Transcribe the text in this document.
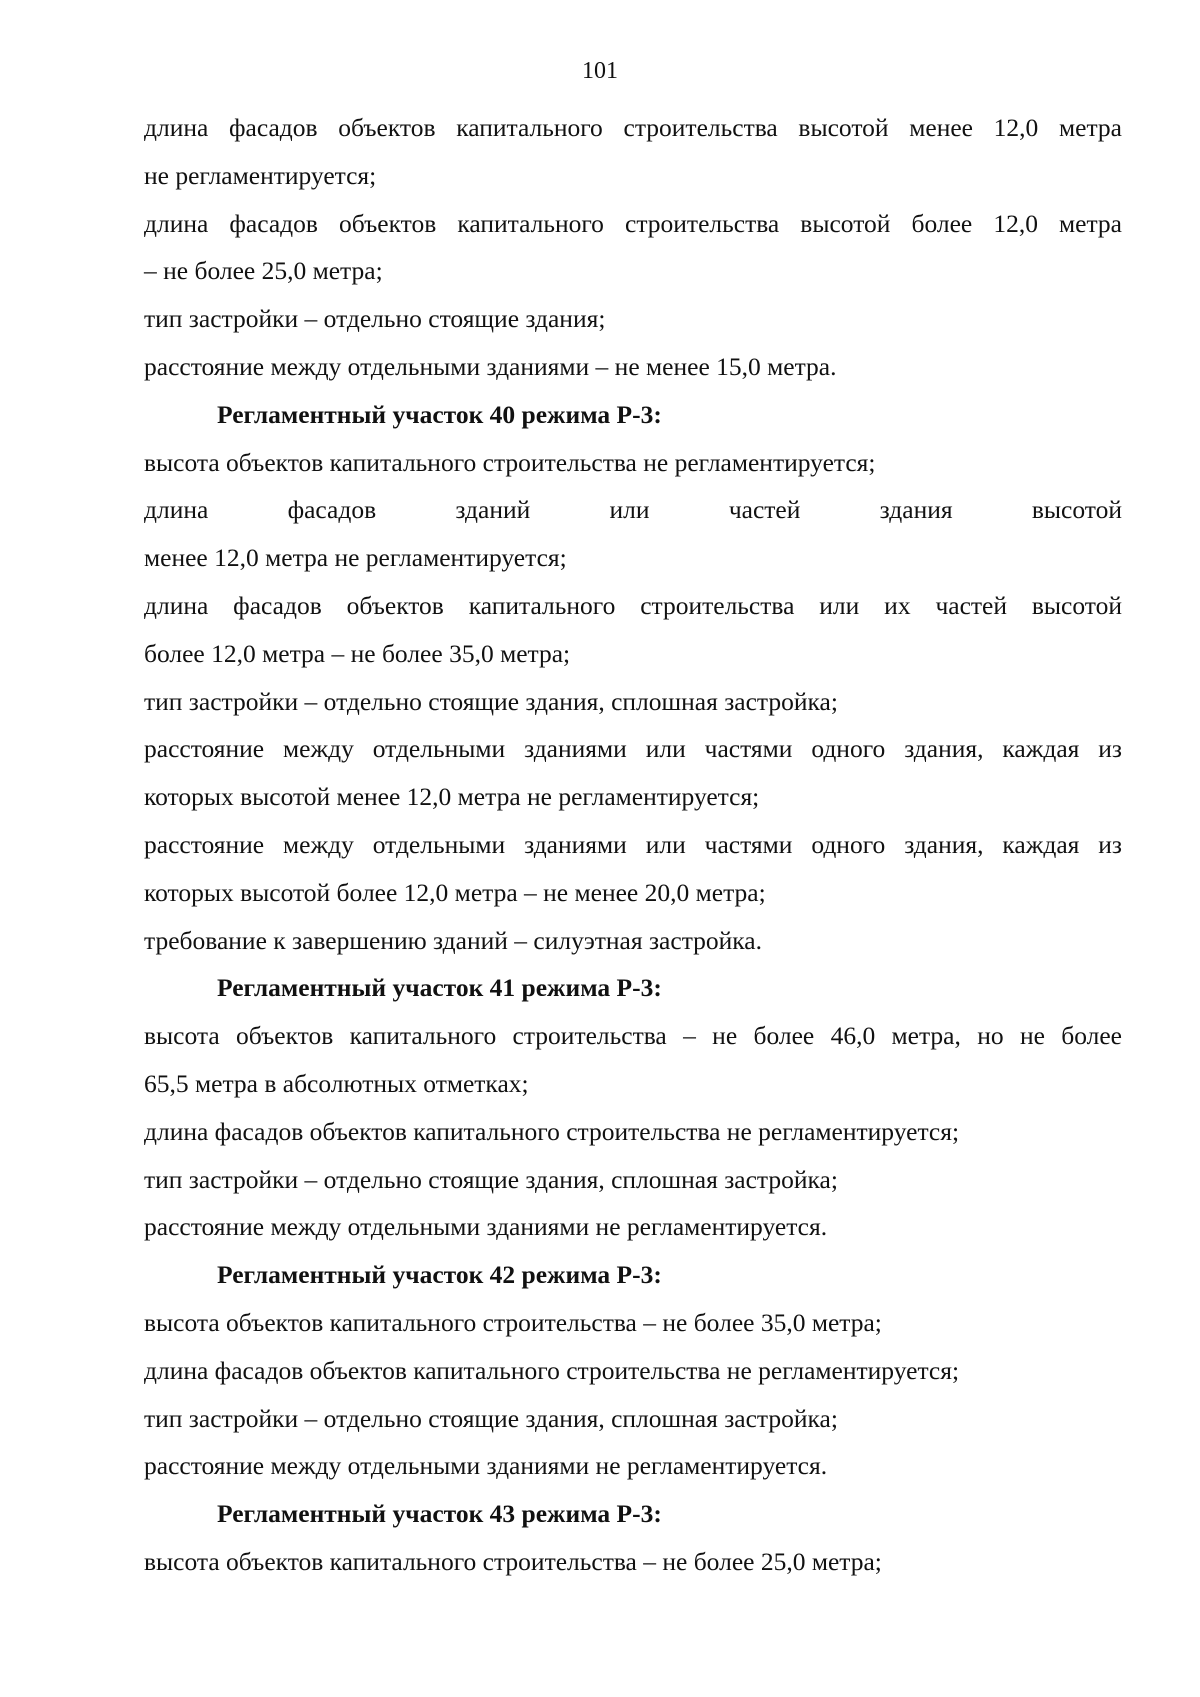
101
длина фасадов объектов капитального строительства высотой менее 12,0 метра
не регламентируется;
длина фасадов объектов капитального строительства высотой более 12,0 метра
– не более 25,0 метра;
тип застройки – отдельно стоящие здания;
расстояние между отдельными зданиями – не менее 15,0 метра.
Регламентный участок 40 режима Р-3:
высота объектов капитального строительства не регламентируется;
длина фасадов зданий или частей здания высотой
менее 12,0 метра не регламентируется;
длина фасадов объектов капитального строительства или их частей высотой
более 12,0 метра – не более 35,0 метра;
тип застройки – отдельно стоящие здания, сплошная застройка;
расстояние между отдельными зданиями или частями одного здания, каждая из
которых высотой менее 12,0 метра не регламентируется;
расстояние между отдельными зданиями или частями одного здания, каждая из
которых высотой более 12,0 метра – не менее 20,0 метра;
требование к завершению зданий – силуэтная застройка.
Регламентный участок 41 режима Р-3:
высота объектов капитального строительства – не более 46,0 метра, но не более
65,5 метра в абсолютных отметках;
длина фасадов объектов капитального строительства не регламентируется;
тип застройки – отдельно стоящие здания, сплошная застройка;
расстояние между отдельными зданиями не регламентируется.
Регламентный участок 42 режима Р-3:
высота объектов капитального строительства – не более 35,0 метра;
длина фасадов объектов капитального строительства не регламентируется;
тип застройки – отдельно стоящие здания, сплошная застройка;
расстояние между отдельными зданиями не регламентируется.
Регламентный участок 43 режима Р-3:
высота объектов капитального строительства – не более 25,0 метра;
